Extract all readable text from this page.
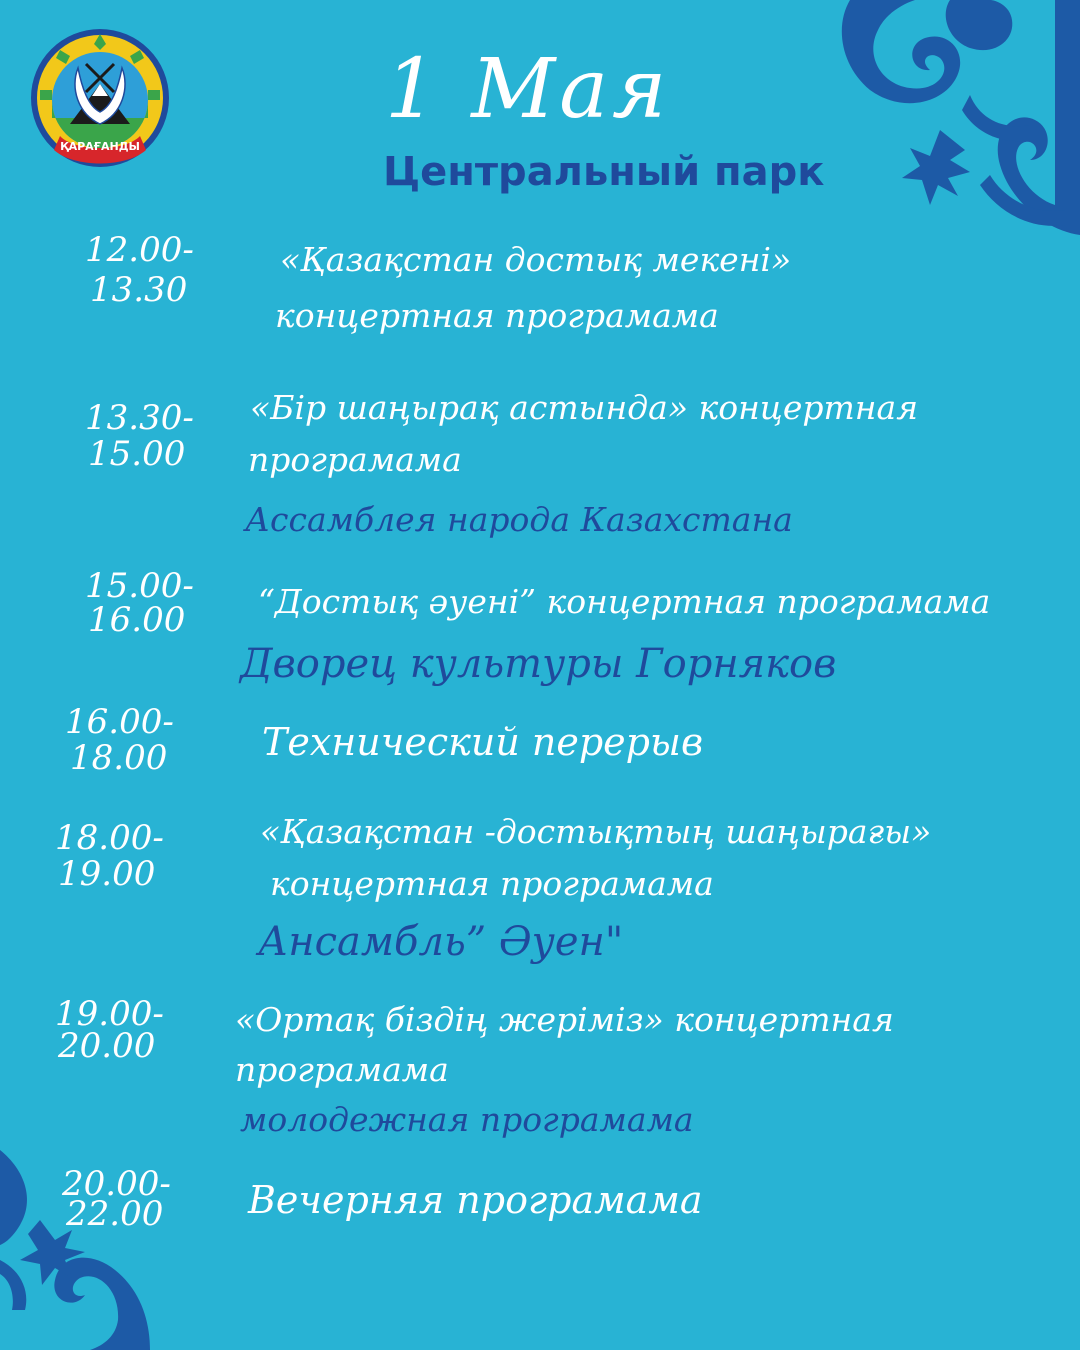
ҚАРАҒАНДЫ
1 Мая
Центральный парк
12.00-
13.30
«Қазақстан достық мекені»
концертная програмама
13.30-
15.00
«Бір шаңырақ астында» концертная
програмама
Ассамблея народа Казахстана
15.00-
16.00 “Достық әуені” концертная програмама
Дворец культуры Горняков
16.00-
18.00 Технический перерыв
18.00-
19.00
«Қазақстан -достықтың шаңырағы»
концертная програмама
Ансамбль” Әуен"
19.00-
20.00
«Ортақ біздің жеріміз» концертная
програмама
молодежная програмама
20.00-
22.00 Вечерняя програмама
